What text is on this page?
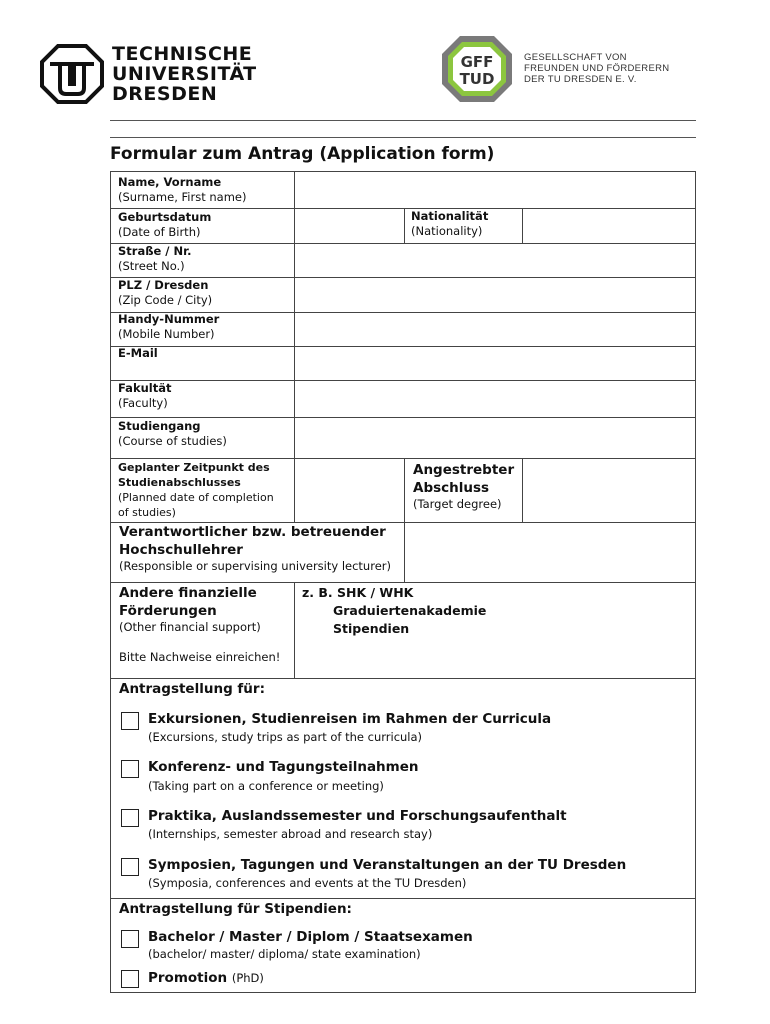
TECHNISCHE
UNIVERSITÄT
DRESDEN
GFF
TUD
GESELLSCHAFT VON
FREUNDEN UND FÖRDERERN
DER TU DRESDEN E. V.
Formular zum Antrag (Application form)
Name, Vorname
(Surname, First name)
Geburtsdatum
(Date of Birth)
Nationalität
(Nationality)
Straße / Nr.
(Street No.)
PLZ / Dresden
(Zip Code / City)
Handy-Nummer
(Mobile Number)
E-Mail
Fakultät
(Faculty)
Studiengang
(Course of studies)
Geplanter Zeitpunkt des
Studienabschlusses
(Planned date of completion
of studies)
Angestrebter
Abschluss
(Target degree)
Verantwortlicher bzw. betreuender
Hochschullehrer
(Responsible or supervising university lecturer)
Andere finanzielle
Förderungen
(Other financial support)
Bitte Nachweise einreichen!
z. B. SHK / WHK
Graduiertenakademie
Stipendien
Antragstellung für:
Exkursionen, Studienreisen im Rahmen der Curricula
(Excursions, study trips as part of the curricula)
Konferenz- und Tagungsteilnahmen
(Taking part on a conference or meeting)
Praktika, Auslandssemester und Forschungsaufenthalt
(Internships, semester abroad and research stay)
Symposien, Tagungen und Veranstaltungen an der TU Dresden
(Symposia, conferences and events at the TU Dresden)
Antragstellung für Stipendien:
Bachelor / Master / Diplom / Staatsexamen
(bachelor/ master/ diploma/ state examination)
Promotion (PhD)
